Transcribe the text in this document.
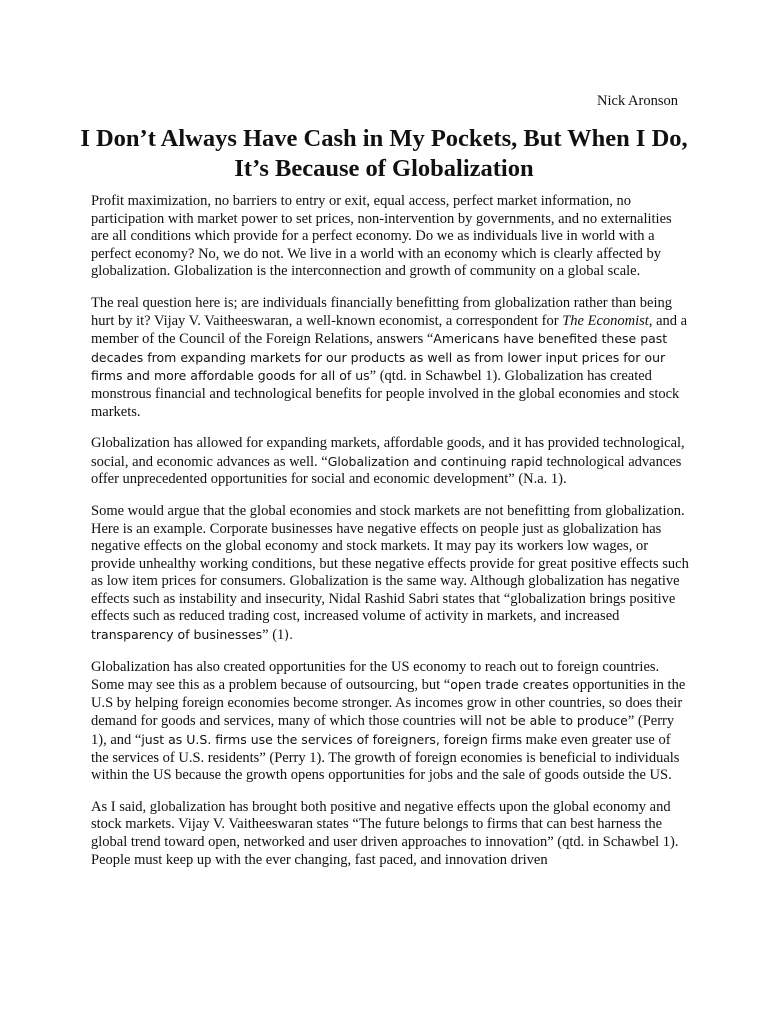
Nick Aronson
I Don’t Always Have Cash in My Pockets, But When I Do, It’s Because of Globalization

Profit maximization, no barriers to entry or exit, equal access, perfect market information, no participation with market power to set prices, non-intervention by governments, and no externalities are all conditions which provide for a perfect economy. Do we as individuals live in world with a perfect economy? No, we do not. We live in a world with an economy which is clearly affected by globalization. Globalization is the interconnection and growth of community on a global scale.

The real question here is; are individuals financially benefitting from globalization rather than being hurt by it? Vijay V. Vaitheeswaran, a well-known economist, a correspondent for The Economist, and a member of the Council of the Foreign Relations, answers “Americans have benefited these past decades from expanding markets for our products as well as from lower input prices for our firms and more affordable goods for all of us” (qtd. in Schawbel 1). Globalization has created monstrous financial and technological benefits for people involved in the global economies and stock markets.

Globalization has allowed for expanding markets, affordable goods, and it has provided technological, social, and economic advances as well. “Globalization and continuing rapid technological advances offer unprecedented opportunities for social and economic development” (N.a. 1).

Some would argue that the global economies and stock markets are not benefitting from globalization. Here is an example. Corporate businesses have negative effects on people just as globalization has negative effects on the global economy and stock markets. It may pay its workers low wages, or provide unhealthy working conditions, but these negative effects provide for great positive effects such as low item prices for consumers. Globalization is the same way. Although globalization has negative effects such as instability and insecurity, Nidal Rashid Sabri states that “globalization brings positive effects such as reduced trading cost, increased volume of activity in markets, and increased transparency of businesses” (1).

Globalization has also created opportunities for the US economy to reach out to foreign countries. Some may see this as a problem because of outsourcing, but “open trade creates opportunities in the U.S by helping foreign economies become stronger. As incomes grow in other countries, so does their demand for goods and services, many of which those countries will not be able to produce” (Perry 1), and “just as U.S. firms use the services of foreigners, foreign firms make even greater use of the services of U.S. residents” (Perry 1). The growth of foreign economies is beneficial to individuals within the US because the growth opens opportunities for jobs and the sale of goods outside the US.

As I said, globalization has brought both positive and negative effects upon the global economy and stock markets. Vijay V. Vaitheeswaran states “The future belongs to firms that can best harness the global trend toward open, networked and user driven approaches to innovation” (qtd. in Schawbel 1). People must keep up with the ever changing, fast paced, and innovation driven
